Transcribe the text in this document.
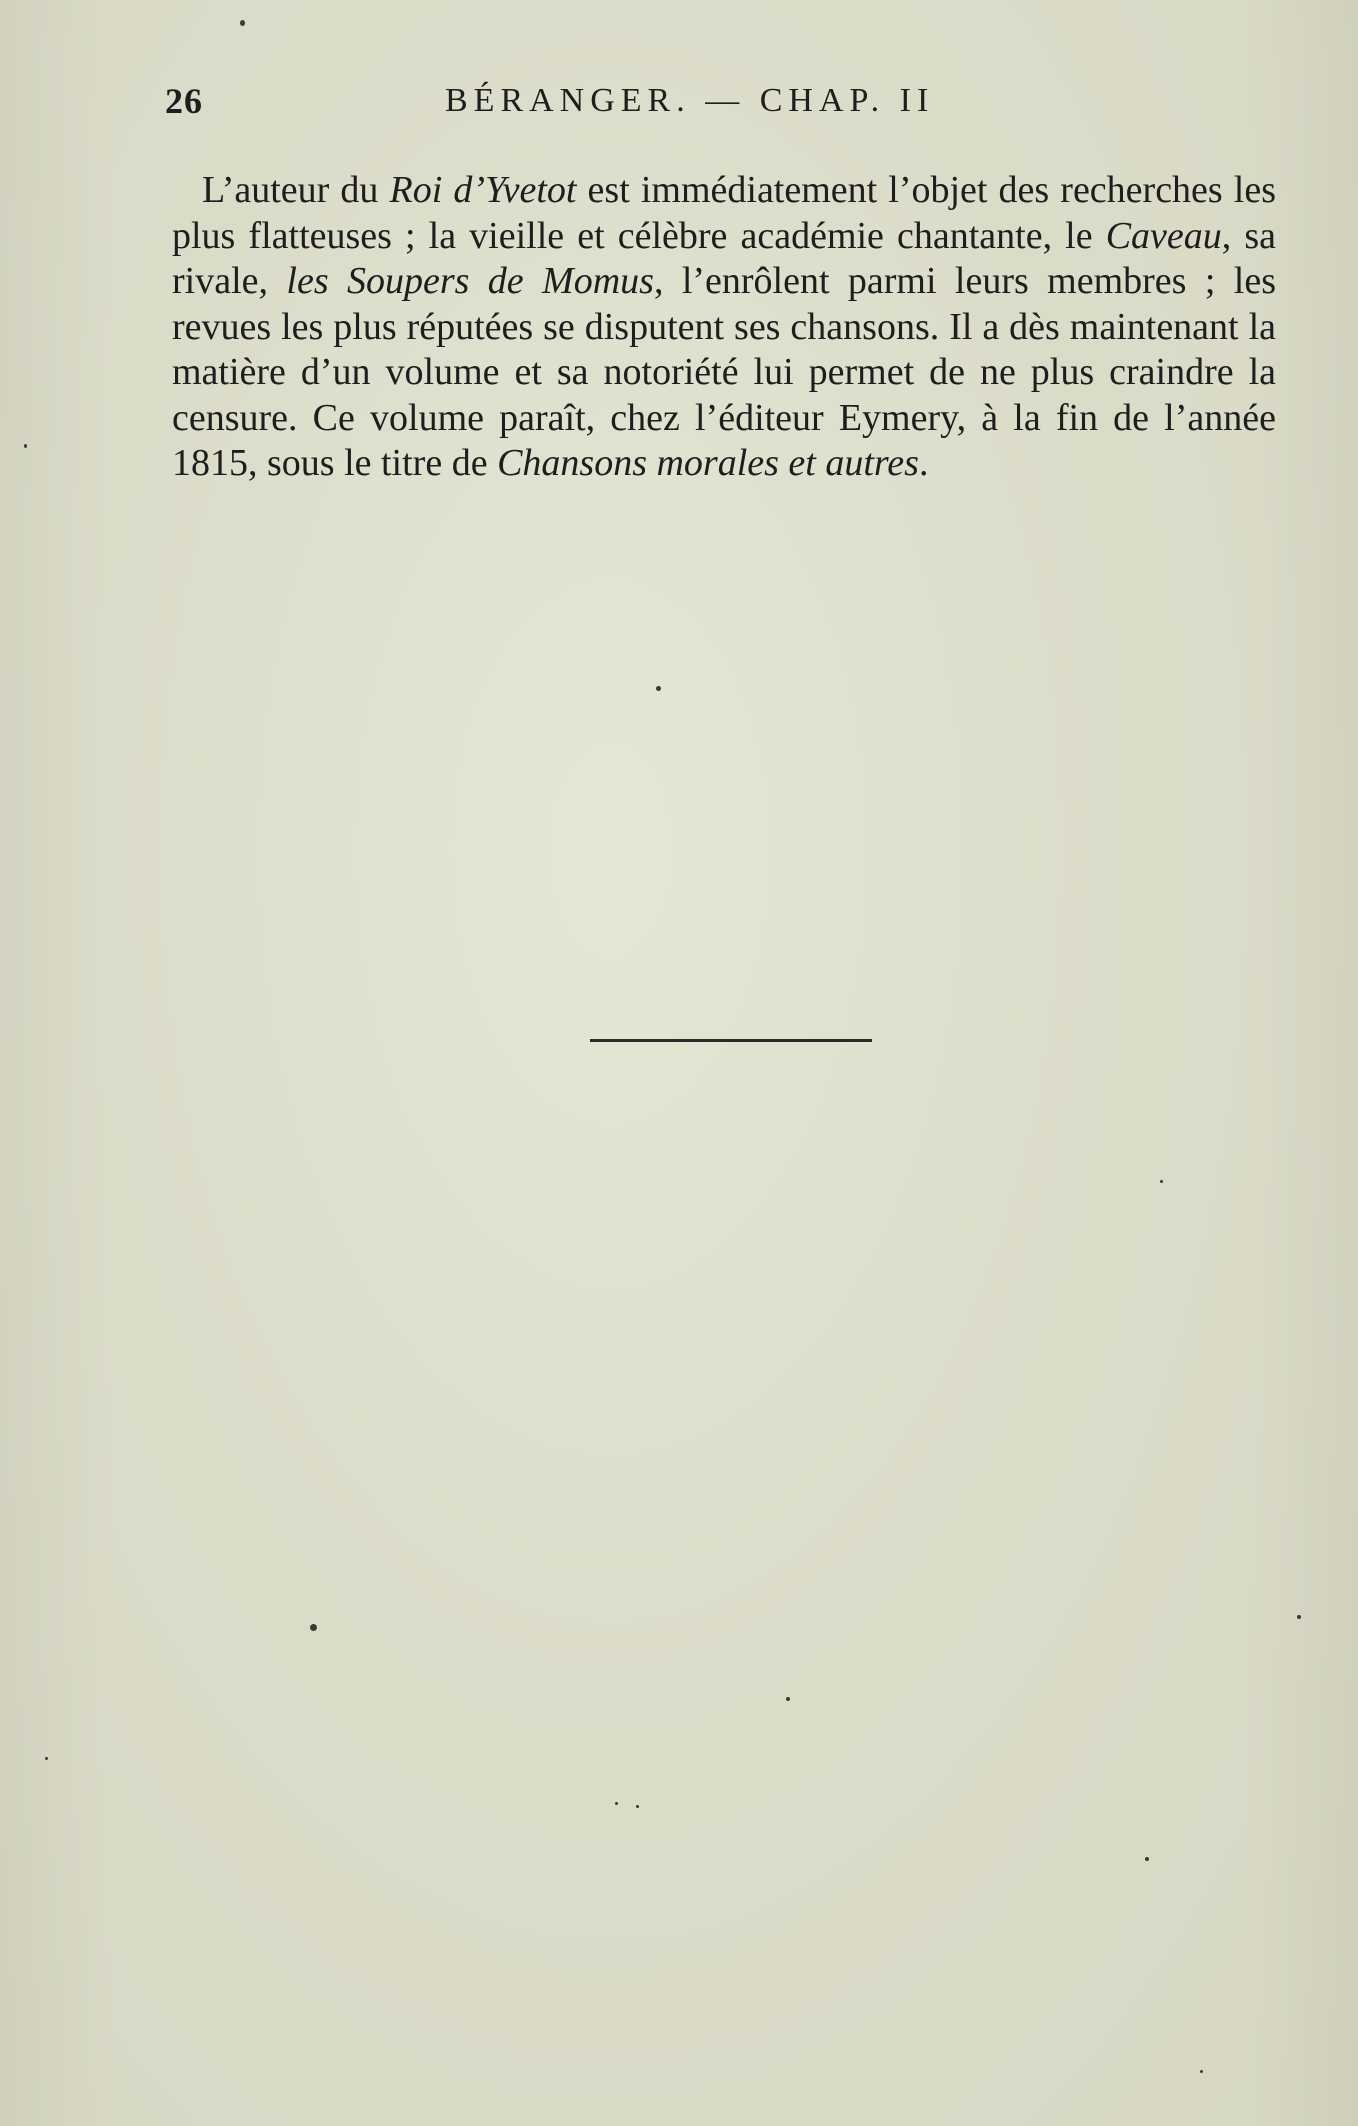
26	BÉRANGER. — CHAP. II

L’auteur du Roi d’Yvetot est immédiatement l’objet des recherches les plus flatteuses ; la vieille et célèbre académie chantante, le Caveau, sa rivale, les Soupers de Momus, l’enrôlent parmi leurs membres ; les revues les plus réputées se disputent ses chansons. Il a dès maintenant la matière d’un volume et sa notoriété lui permet de ne plus craindre la censure. Ce volume paraît, chez l’éditeur Eymery, à la fin de l’année 1815, sous le titre de Chansons morales et autres.
